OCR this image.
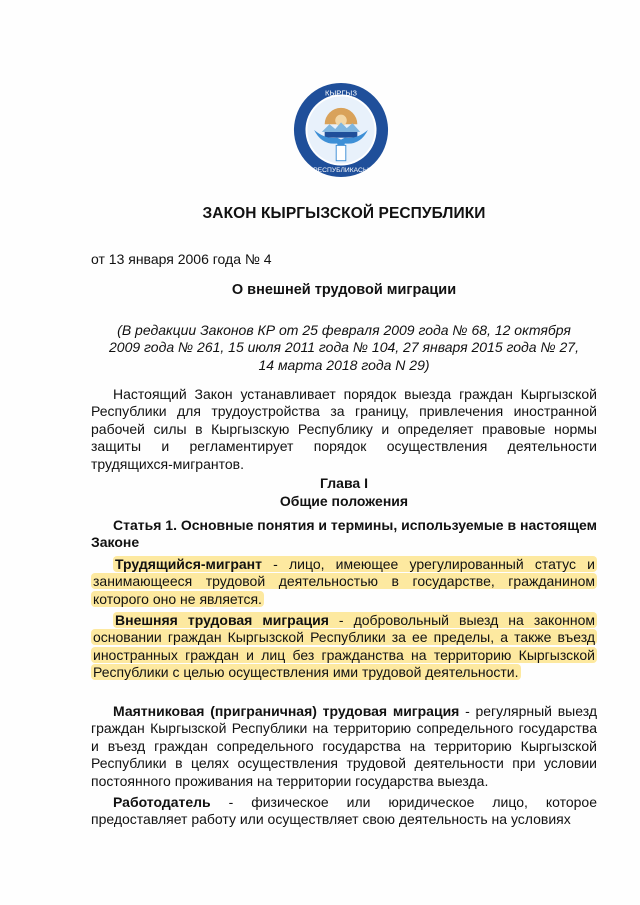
КЫРГЫЗ
РЕСПУБЛИКАСЫ
ЗАКОН КЫРГЫЗСКОЙ РЕСПУБЛИКИ
от 13 января 2006 года № 4
О внешней трудовой миграции
(В редакции Законов КР от 25 февраля 2009 года № 68, 12 октября 2009 года № 261, 15 июля 2011 года № 104, 27 января 2015 года № 27, 14 марта 2018 года N 29)

Настоящий Закон устанавливает порядок выезда граждан Кыргызской Республики для трудоустройства за границу, привлечения иностранной рабочей силы в Кыргызскую Республику и определяет правовые нормы защиты и регламентирует порядок осуществления деятельности трудящихся-мигрантов.

Глава I

Общие положения

Статья 1. Основные понятия и термины, используемые в настоящем Законе

Трудящийся-мигрант - лицо, имеющее урегулированный статус и занимающееся трудовой деятельностью в государстве, гражданином которого оно не является.

Внешняя трудовая миграция - добровольный выезд на законном основании граждан Кыргызской Республики за ее пределы, а также въезд иностранных граждан и лиц без гражданства на территорию Кыргызской Республики с целью осуществления ими трудовой деятельности.

Маятниковая (приграничная) трудовая миграция - регулярный выезд граждан Кыргызской Республики на территорию сопредельного государства и въезд граждан сопредельного государства на территорию Кыргызской Республики в целях осуществления трудовой деятельности при условии постоянного проживания на территории государства выезда.

Работодатель - физическое или юридическое лицо, которое предоставляет работу или осуществляет свою деятельность на условиях
